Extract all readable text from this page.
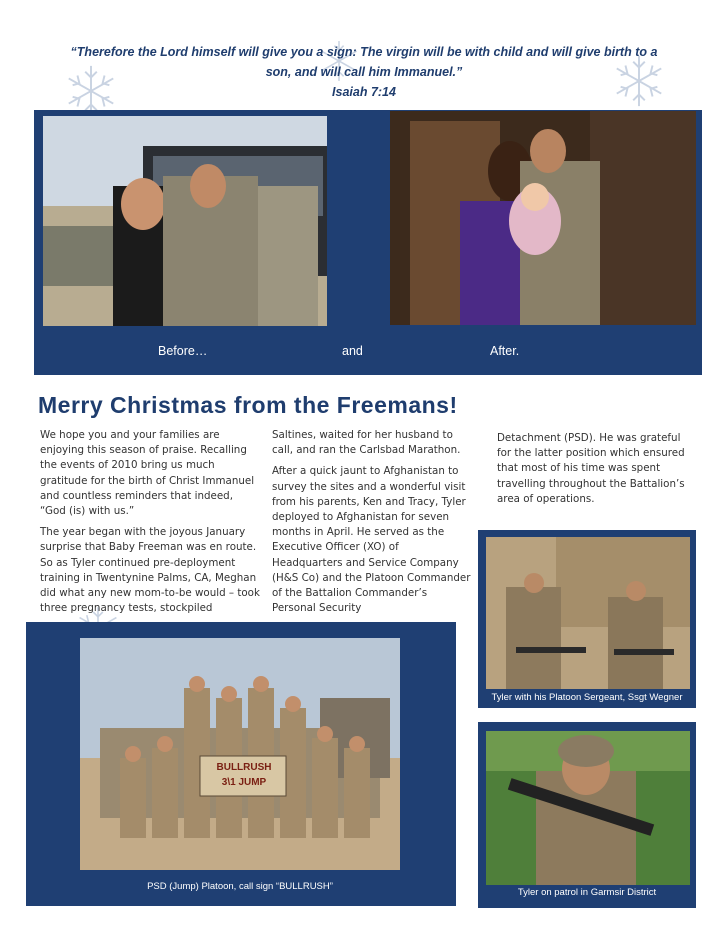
“Therefore the Lord himself will give you a sign: The virgin will be with child and will give birth to a
son, and will call him Immanuel.”
Isaiah 7:14
Before…	and	After.
Merry Christmas from the Freemans!

We hope you and your families are enjoying this season of praise. Recalling the events of 2010 bring us much gratitude for the birth of Christ Immanuel and countless reminders that indeed, “God (is) with us.”

The year began with the joyous January surprise that Baby Freeman was en route. So as Tyler continued pre-deployment training in Twentynine Palms, CA, Meghan did what any new mom-to-be would – took three pregnancy tests, stockpiled

Saltines, waited for her husband to call, and ran the Carlsbad Marathon.

After a quick jaunt to Afghanistan to survey the sites and a wonderful visit from his parents, Ken and Tracy, Tyler deployed to Afghanistan for seven months in April. He served as the Executive Officer (XO) of Headquarters and Service Company (H&S Co) and the Platoon Commander of the Battalion Commander’s Personal Security

Detachment (PSD). He was grateful for the latter position which ensured that most of his time was spent travelling throughout the Battalion’s area of operations.

BULLRUSH
3\1 JUMP
PSD (Jump) Platoon, call sign “BULLRUSH”
Tyler with his Platoon Sergeant, Ssgt Wegner
Tyler on patrol in Garmsir District
